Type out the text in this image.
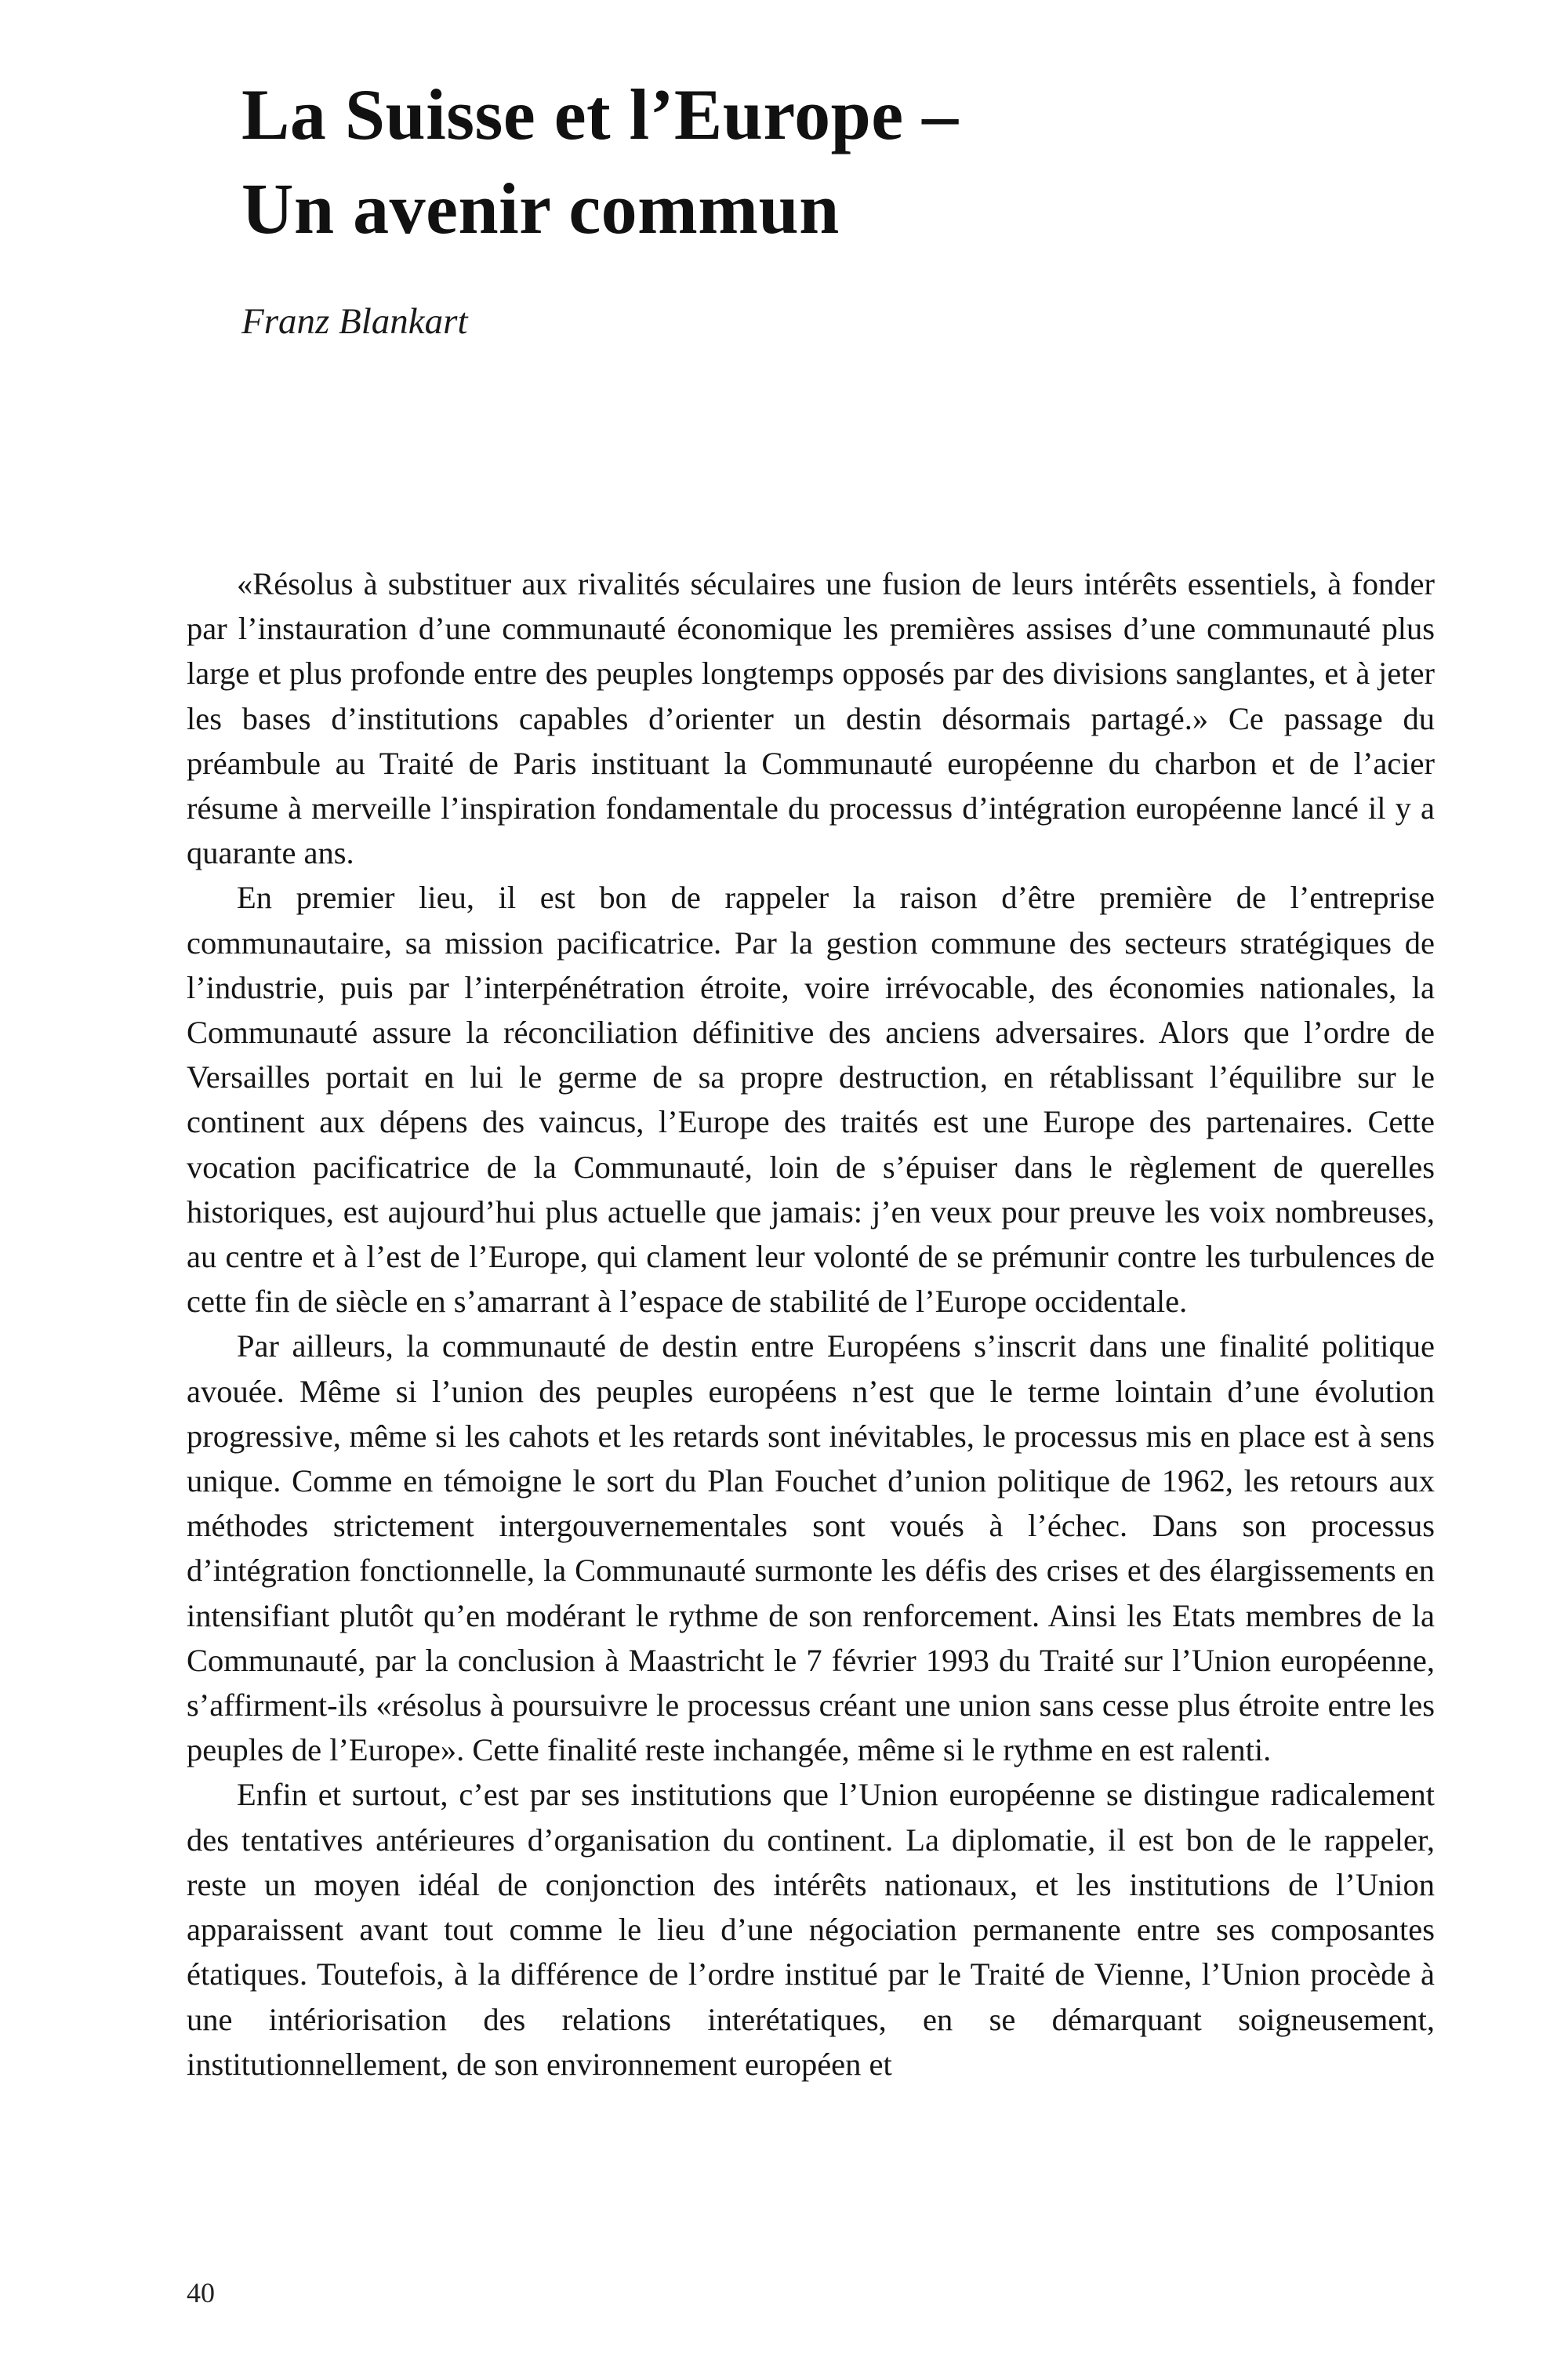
La Suisse et l’Europe –
Un avenir commun

Franz Blankart

«Résolus à substituer aux rivalités séculaires une fusion de leurs intérêts essentiels, à fonder par l’instauration d’une communauté économique les premières assises d’une communauté plus large et plus profonde entre des peuples longtemps opposés par des divisions sanglantes, et à jeter les bases d’institutions capables d’orienter un destin désormais partagé.» Ce passage du préambule au Traité de Paris instituant la Communauté européenne du charbon et de l’acier résume à merveille l’inspiration fondamentale du processus d’intégration européenne lancé il y a quarante ans.

En premier lieu, il est bon de rappeler la raison d’être première de l’entreprise communautaire, sa mission pacificatrice. Par la gestion commune des secteurs stratégiques de l’industrie, puis par l’interpénétration étroite, voire irrévocable, des économies nationales, la Communauté assure la réconciliation définitive des anciens adversaires. Alors que l’ordre de Versailles portait en lui le germe de sa propre destruction, en rétablissant l’équilibre sur le continent aux dépens des vaincus, l’Europe des traités est une Europe des partenaires. Cette vocation pacificatrice de la Communauté, loin de s’épuiser dans le règlement de querelles historiques, est aujourd’hui plus actuelle que jamais: j’en veux pour preuve les voix nombreuses, au centre et à l’est de l’Europe, qui clament leur volonté de se prémunir contre les turbulences de cette fin de siècle en s’amarrant à l’espace de stabilité de l’Europe occidentale.

Par ailleurs, la communauté de destin entre Européens s’inscrit dans une finalité politique avouée. Même si l’union des peuples européens n’est que le terme lointain d’une évolution progressive, même si les cahots et les retards sont inévitables, le processus mis en place est à sens unique. Comme en témoigne le sort du Plan Fouchet d’union politique de 1962, les retours aux méthodes strictement intergouvernementales sont voués à l’échec. Dans son processus d’intégration fonctionnelle, la Communauté surmonte les défis des crises et des élargissements en intensifiant plutôt qu’en modérant le rythme de son renforcement. Ainsi les Etats membres de la Communauté, par la conclusion à Maastricht le 7 février 1993 du Traité sur l’Union européenne, s’affirment-ils «résolus à poursuivre le processus créant une union sans cesse plus étroite entre les peuples de l’Europe». Cette finalité reste inchangée, même si le rythme en est ralenti.

Enfin et surtout, c’est par ses institutions que l’Union européenne se distingue radicalement des tentatives antérieures d’organisation du continent. La diplomatie, il est bon de le rappeler, reste un moyen idéal de conjonction des intérêts nationaux, et les institutions de l’Union apparaissent avant tout comme le lieu d’une négociation permanente entre ses composantes étatiques. Toutefois, à la différence de l’ordre institué par le Traité de Vienne, l’Union procède à une intériorisation des relations interétatiques, en se démarquant soigneusement, institutionnellement, de son environnement européen et

40
